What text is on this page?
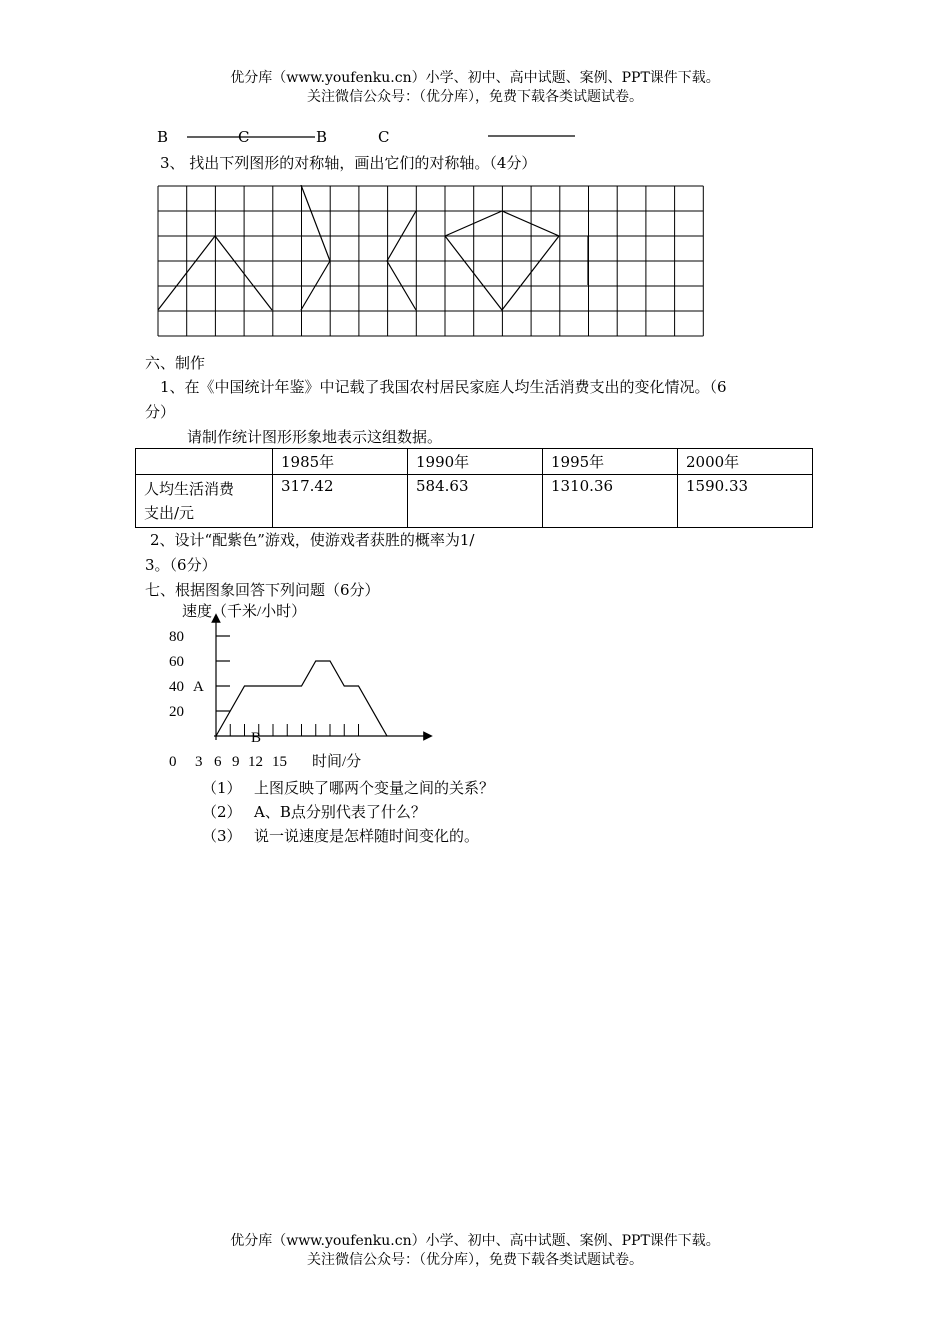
优分库（www.youfenku.cn）小学、初中、高中试题、案例、PPT课件下载。
关注微信公众号：（优分库），免费下载各类试题试卷。
B	C	B	C
3、 找出下列图形的对称轴，画出它们的对称轴。（4分）
六、制作
1、在《中国统计年鉴》中记载了我国农村居民家庭人均生活消费支出的变化情况。（6
分）
请制作统计图形形象地表示这组数据。
	1985年	1990年	1995年	2000年
人均生活消费
支出/元	317.42	584.63	1310.36	1590.33
2、设计“配紫色”游戏，使游戏者获胜的概率为1/
3。（6分）
七、根据图象回答下列问题（6分）
速度（千米/小时）
80
60
40
20
A
B
0 3 6 9 12 15 时间/分
（1） 上图反映了哪两个变量之间的关系？
（2） A、B点分别代表了什么？
（3） 说一说速度是怎样随时间变化的。
优分库（www.youfenku.cn）小学、初中、高中试题、案例、PPT课件下载。
关注微信公众号：（优分库），免费下载各类试题试卷。
